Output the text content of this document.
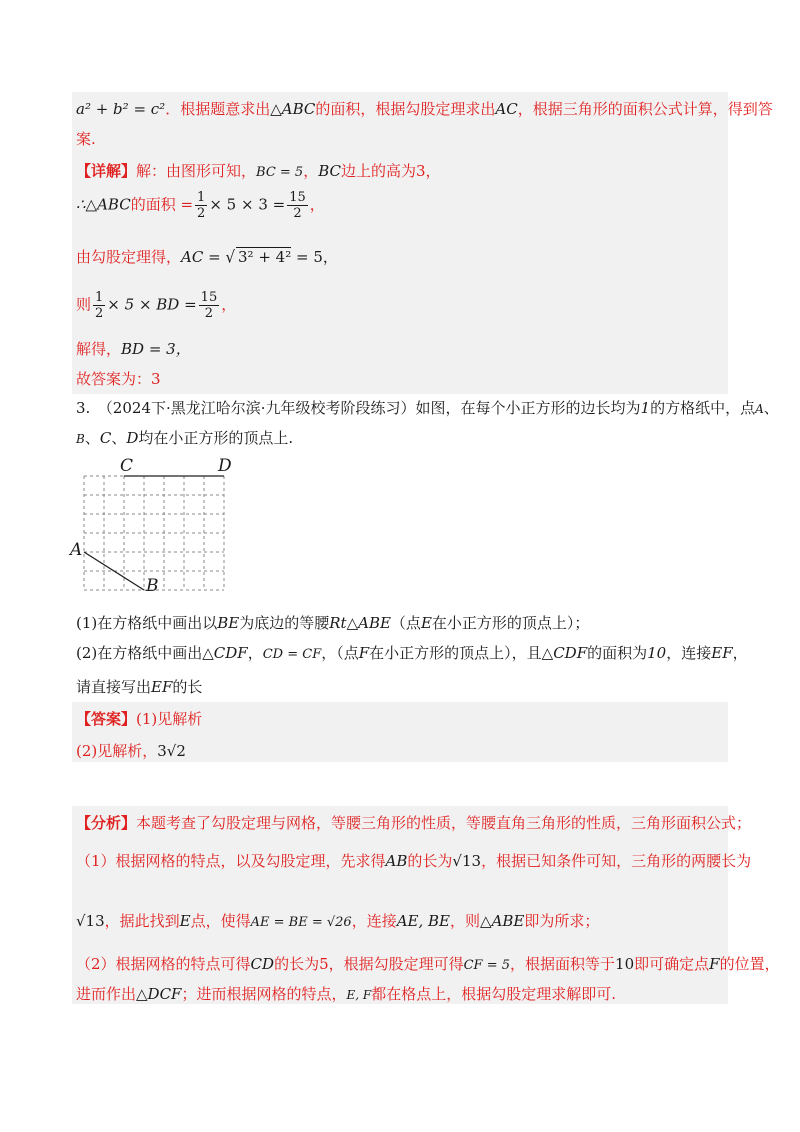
a² + b² = c²．根据题意求出△ABC的面积，根据勾股定理求出AC，根据三角形的面积公式计算，得到答
案.
【详解】解：由图形可知，BC = 5，BC边上的高为3，
∴△ABC的面积 = $\frac{1}{2} \times 5 \times 3 = \frac{15}{2}$ ，
由勾股定理得，AC = √ 3² + 4² = 5，
则 $\frac{1}{2} \times 5$ × BD = $\frac{15}{2}$ ，
解得，BD = 3，
故答案为：3
3.　（2024下·黑龙江哈尔滨·九年级校考阶段练习）如图，在每个小正方形的边长均为1的方格纸中，点A、
B、C、D均在小正方形的顶点上.
C	D
A
B
(1)在方格纸中画出以BE为底边的等腰Rt△ABE（点E在小正方形的顶点上）；
(2)在方格纸中画出△CDF，CD = CF，（点F在小正方形的顶点上），且△CDF的面积为10，连接EF，
请直接写出EF的长
【答案】(1)见解析
(2)见解析，3√2
【分析】本题考查了勾股定理与网格，等腰三角形的性质，等腰直角三角形的性质，三角形面积公式；
（1）根据网格的特点，以及勾股定理，先求得AB的长为√13，根据已知条件可知，三角形的两腰长为
√13，据此找到E点，使得AE = BE = √26，连接AE, BE，则△ABE即为所求；
（2）根据网格的特点可得CD的长为5，根据勾股定理可得CF = 5，根据面积等于10即可确定点F的位置，
进而作出△DCF；进而根据网格的特点，E, F都在格点上，根据勾股定理求解即可.
